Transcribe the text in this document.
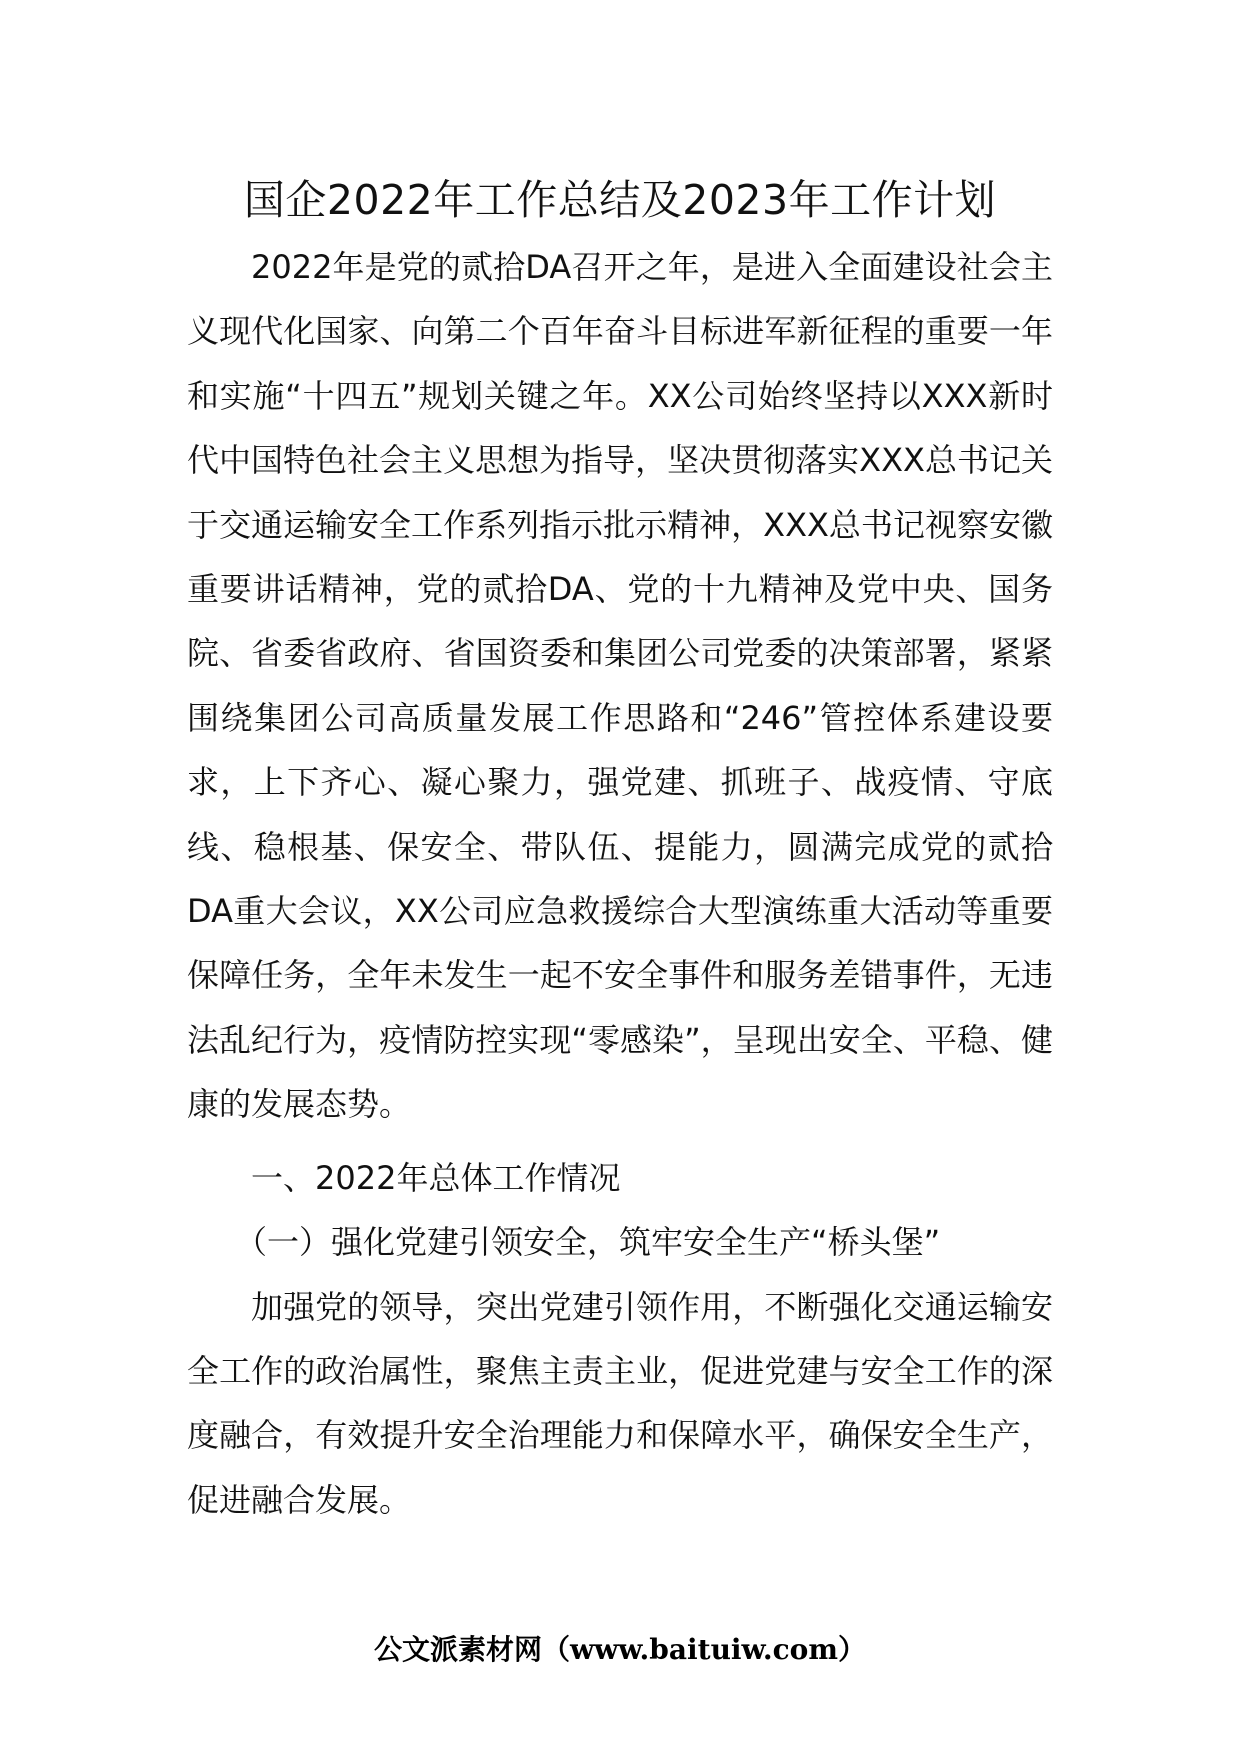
国企2022年工作总结及2023年工作计划

2022年是党的贰拾DA召开之年，是进入全面建设社会主义现代化国家、向第二个百年奋斗目标进军新征程的重要一年和实施“十四五”规划关键之年。XX公司始终坚持以XXX新时代中国特色社会主义思想为指导，坚决贯彻落实XXX总书记关于交通运输安全工作系列指示批示精神，XXX总书记视察安徽重要讲话精神，党的贰拾DA、党的十九精神及党中央、国务院、省委省政府、省国资委和集团公司党委的决策部署，紧紧围绕集团公司高质量发展工作思路和“246”管控体系建设要求，上下齐心、凝心聚力，强党建、抓班子、战疫情、守底线、稳根基、保安全、带队伍、提能力，圆满完成党的贰拾DA重大会议，XX公司应急救援综合大型演练重大活动等重要保障任务，全年未发生一起不安全事件和服务差错事件，无违法乱纪行为，疫情防控实现“零感染”，呈现出安全、平稳、健康的发展态势。

一、2022年总体工作情况

（一）强化党建引领安全，筑牢安全生产“桥头堡”

加强党的领导，突出党建引领作用，不断强化交通运输安全工作的政治属性，聚焦主责主业，促进党建与安全工作的深度融合，有效提升安全治理能力和保障水平，确保安全生产，促进融合发展。

公文派素材网（www.baituiw.com）
